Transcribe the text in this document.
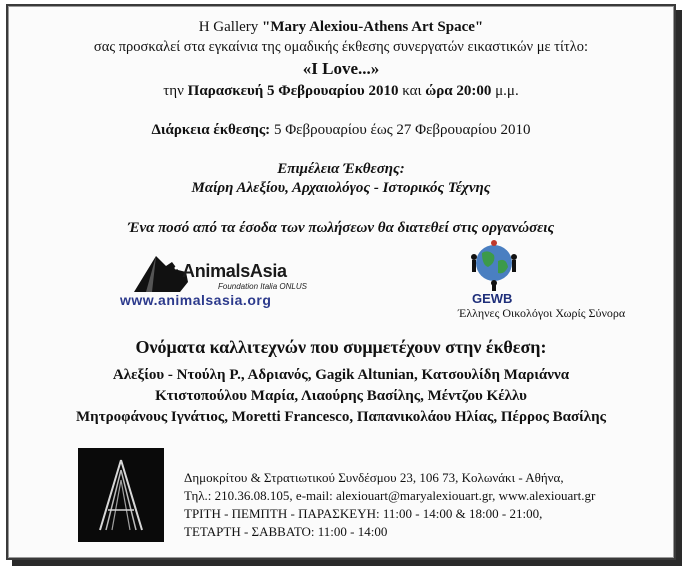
Η Gallery "Mary Alexiou-Athens Art Space"
σας προσκαλεί στα εγκαίνια της ομαδικής έκθεσης συνεργατών εικαστικών με τίτλο:
«I Love...»
την Παρασκευή 5 Φεβρουαρίου 2010 και ώρα 20:00 μ.μ.
Διάρκεια έκθεσης: 5 Φεβρουαρίου έως 27 Φεβρουαρίου 2010
Επιμέλεια Έκθεσης:
Μαίρη Αλεξίου, Αρχαιολόγος - Ιστορικός Τέχνης
Ένα ποσό από τα έσοδα των πωλήσεων θα διατεθεί στις οργανώσεις
AnimalsAsia
Foundation Italia ONLUS
www.animalsasia.org	GEWB
Έλληνες Οικολόγοι Χωρίς Σύνορα
Ονόματα καλλιτεχνών που συμμετέχουν στην έκθεση:
Αλεξίου - Ντούλη Ρ., Αδριανός, Gagik Altunian, Κατσουλίδη Μαριάννα
Κτιστοπούλου Μαρία, Λιαούρης Βασίλης, Μέντζου Κέλλυ
Μητροφάνους Ιγνάτιος, Moretti Francesco, Παπανικολάου Ηλίας, Πέρρος Βασίλης
Δημοκρίτου & Στρατιωτικού Συνδέσμου 23, 106 73, Κολωνάκι - Αθήνα,
Τηλ.: 210.36.08.105, e-mail: alexiouart@maryalexiouart.gr, www.alexiouart.gr
ΤΡΙΤΗ - ΠΕΜΠΤΗ - ΠΑΡΑΣΚΕΥΗ: 11:00 - 14:00 & 18:00 - 21:00,
ΤΕΤΑΡΤΗ - ΣΑΒΒΑΤΟ: 11:00 - 14:00
